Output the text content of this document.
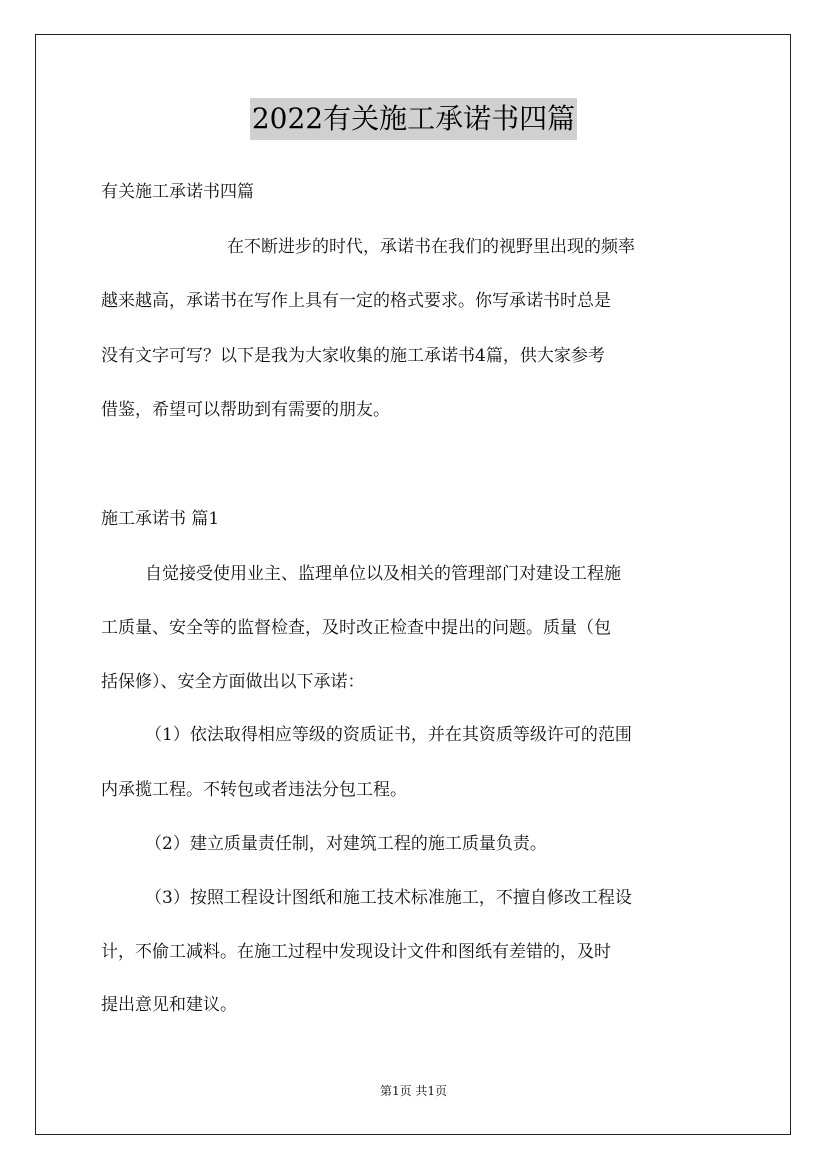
2022有关施工承诺书四篇
有关施工承诺书四篇
在不断进步的时代，承诺书在我们的视野里出现的频率
越来越高，承诺书在写作上具有一定的格式要求。你写承诺书时总是
没有文字可写？以下是我为大家收集的施工承诺书4篇，供大家参考
借鉴，希望可以帮助到有需要的朋友。
施工承诺书 篇1
自觉接受使用业主、监理单位以及相关的管理部门对建设工程施
工质量、安全等的监督检查，及时改正检查中提出的问题。质量（包
括保修）、安全方面做出以下承诺：
（1）依法取得相应等级的资质证书，并在其资质等级许可的范围
内承揽工程。不转包或者违法分包工程。
（2）建立质量责任制，对建筑工程的施工质量负责。
（3）按照工程设计图纸和施工技术标准施工，不擅自修改工程设
计，不偷工减料。在施工过程中发现设计文件和图纸有差错的，及时
提出意见和建议。
第1页 共1页
